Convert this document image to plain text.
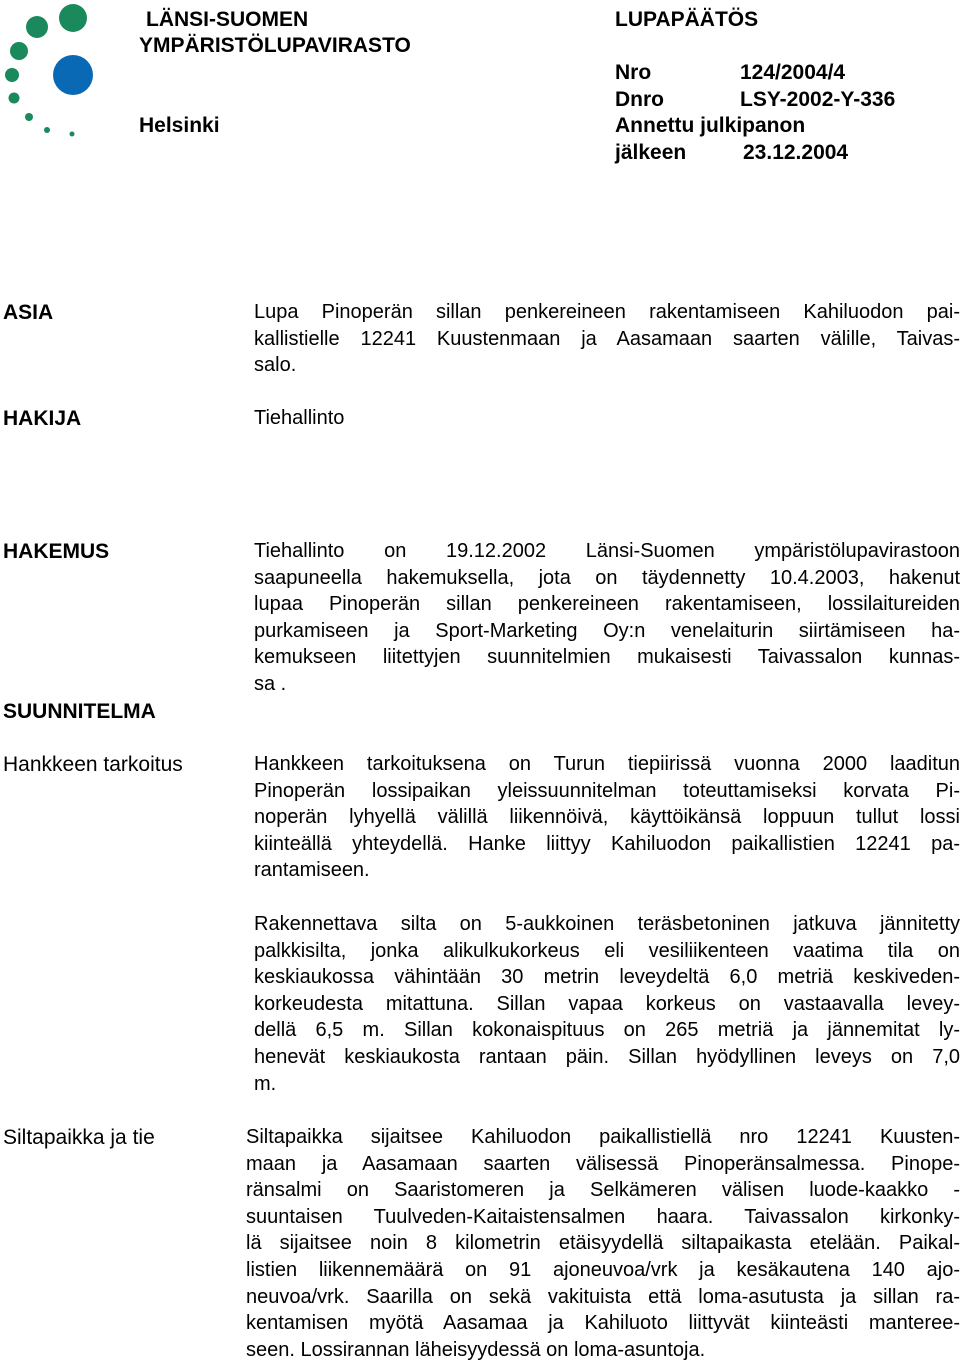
LÄNSI-SUOMEN
YMPÄRISTÖLUPAVIRASTO
Helsinki
LUPAPÄÄTÖS
Nro	124/2004/4
Dnro	LSY-2002-Y-336
Annettu julkipanon
jälkeen	23.12.2004
ASIA	Lupa Pinoperän sillan penkereineen rakentamiseen Kahiluodon pai-
kallistielle 12241 Kuustenmaan ja Aasamaan saarten välille, Taivas-
salo.
HAKIJA	Tiehallinto
HAKEMUS	Tiehallinto on 19.12.2002 Länsi-Suomen ympäristölupavirastoon
saapuneella hakemuksella, jota on täydennetty 10.4.2003, hakenut
lupaa Pinoperän sillan penkereineen rakentamiseen, lossilaitureiden
purkamiseen ja Sport-Marketing Oy:n venelaiturin siirtämiseen ha-
kemukseen liitettyjen suunnitelmien mukaisesti Taivassalon kunnas-
sa .
SUUNNITELMA
Hankkeen tarkoitus	Hankkeen tarkoituksena on Turun tiepiirissä vuonna 2000 laaditun
Pinoperän lossipaikan yleissuunnitelman toteuttamiseksi korvata Pi-
noperän lyhyellä välillä liikennöivä, käyttöikänsä loppuun tullut lossi
kiinteällä yhteydellä. Hanke liittyy Kahiluodon paikallistien 12241 pa-
rantamiseen.
Rakennettava silta on 5-aukkoinen teräsbetoninen jatkuva jännitetty
palkkisilta, jonka alikulkukorkeus eli vesiliikenteen vaatima tila on
keskiaukossa vähintään 30 metrin leveydeltä 6,0 metriä keskiveden-
korkeudesta mitattuna. Sillan vapaa korkeus on vastaavalla levey-
dellä 6,5 m. Sillan kokonaispituus on 265 metriä ja jännemitat ly-
henevät keskiaukosta rantaan päin. Sillan hyödyllinen leveys on 7,0
m.
Siltapaikka ja tie	Siltapaikka sijaitsee Kahiluodon paikallistiellä nro 12241 Kuusten-
maan ja Aasamaan saarten välisessä Pinoperänsalmessa. Pinope-
ränsalmi on Saaristomeren ja Selkämeren välisen luode-kaakko -
suuntaisen Tuulveden-Kaitaistensalmen haara. Taivassalon kirkonky-
lä sijaitsee noin 8 kilometrin etäisyydellä siltapaikasta etelään. Paikal-
listien liikennemäärä on 91 ajoneuvoa/vrk ja kesäkautena 140 ajo-
neuvoa/vrk. Saarilla on sekä vakituista että loma-asutusta ja sillan ra-
kentamisen myötä Aasamaa ja Kahiluoto liittyvät kiinteästi manteree-
seen. Lossirannan läheisyydessä on loma-asuntoja.
